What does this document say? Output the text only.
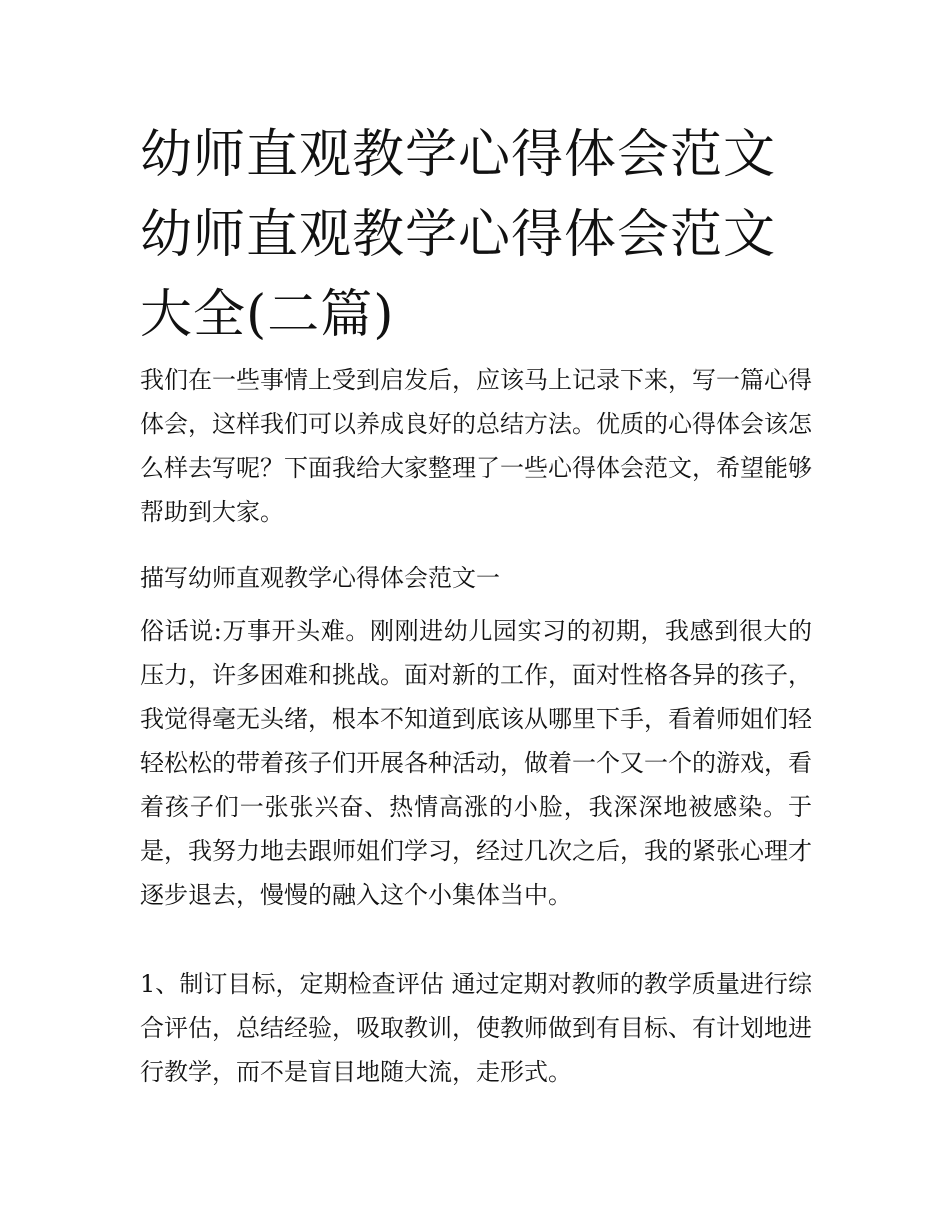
幼师直观教学心得体会范文 幼师直观教学心得体会范文大全(二篇)

我们在一些事情上受到启发后，应该马上记录下来，写一篇心得体会，这样我们可以养成良好的总结方法。优质的心得体会该怎么样去写呢？下面我给大家整理了一些心得体会范文，希望能够帮助到大家。

描写幼师直观教学心得体会范文一

俗话说:万事开头难。刚刚进幼儿园实习的初期，我感到很大的压力，许多困难和挑战。面对新的工作，面对性格各异的孩子，我觉得毫无头绪，根本不知道到底该从哪里下手，看着师姐们轻轻松松的带着孩子们开展各种活动，做着一个又一个的游戏，看着孩子们一张张兴奋、热情高涨的小脸，我深深地被感染。于是，我努力地去跟师姐们学习，经过几次之后，我的紧张心理才逐步退去，慢慢的融入这个小集体当中。

1、制订目标，定期检查评估 通过定期对教师的教学质量进行综合评估，总结经验，吸取教训，使教师做到有目标、有计划地进行教学，而不是盲目地随大流，走形式。
